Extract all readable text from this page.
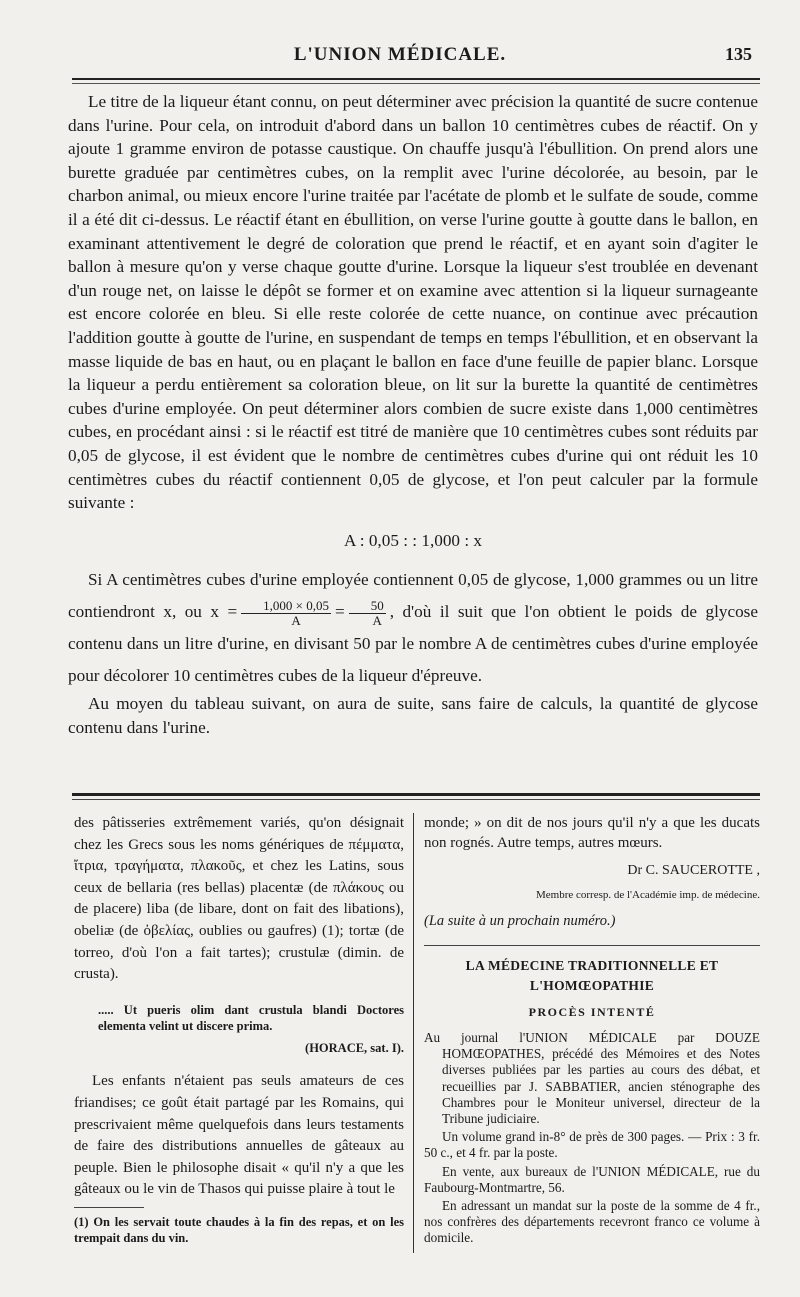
L'UNION MÉDICALE.	135

Le titre de la liqueur étant connu, on peut déterminer avec précision la quantité de sucre contenue dans l'urine. Pour cela, on introduit d'abord dans un ballon 10 centimètres cubes de réactif. On y ajoute 1 gramme environ de potasse caustique. On chauffe jusqu'à l'ébullition. On prend alors une burette graduée par centimètres cubes, on la remplit avec l'urine décolorée, au besoin, par le charbon animal, ou mieux encore l'urine traitée par l'acétate de plomb et le sulfate de soude, comme il a été dit ci-dessus. Le réactif étant en ébullition, on verse l'urine goutte à goutte dans le ballon, en examinant attentivement le degré de coloration que prend le réactif, et en ayant soin d'agiter le ballon à mesure qu'on y verse chaque goutte d'urine. Lorsque la liqueur s'est troublée en devenant d'un rouge net, on laisse le dépôt se former et on examine avec attention si la liqueur surnageante est encore colorée en bleu. Si elle reste colorée de cette nuance, on continue avec précaution l'addition goutte à goutte de l'urine, en suspendant de temps en temps l'ébullition, et en observant la masse liquide de bas en haut, ou en plaçant le ballon en face d'une feuille de papier blanc. Lorsque la liqueur a perdu entièrement sa coloration bleue, on lit sur la burette la quantité de centimètres cubes d'urine employée. On peut déterminer alors combien de sucre existe dans 1,000 centimètres cubes, en procédant ainsi : si le réactif est titré de manière que 10 centimètres cubes sont réduits par 0,05 de glycose, il est évident que le nombre de centimètres cubes d'urine qui ont réduit les 10 centimètres cubes du réactif contiennent 0,05 de glycose, et l'on peut calculer par la formule suivante :

A : 0,05 : : 1,000 : x

Si A centimètres cubes d'urine employée contiennent 0,05 de glycose, 1,000 grammes ou un litre contiendront x, ou $x = \frac{1,000 \times 0,05}{A} = \frac{50}{A}$ , d'où il suit que l'on obtient le poids de glycose contenu dans un litre d'urine, en divisant 50 par le nombre A de centimètres cubes d'urine employée pour décolorer 10 centimètres cubes de la liqueur d'épreuve.

Au moyen du tableau suivant, on aura de suite, sans faire de calculs, la quantité de glycose contenu dans l'urine.

des pâtisseries extrêmement variés, qu'on désignait chez les Grecs sous les noms génériques de πέμματα, ἴτρια, τραγήματα, πλακοῦς, et chez les Latins, sous ceux de bellaria (res bellas) placentæ (de πλάκους ou de placere) liba (de libare, dont on fait des libations), obeliæ (de ὀβελίας, oublies ou gaufres) (1); tortæ (de torreo, d'où l'on a fait tartes); crustulæ (dimin. de crusta).

..... Ut pueris olim dant crustula blandi Doctores elementa velint ut discere prima.
(HORACE, sat. I).

Les enfants n'étaient pas seuls amateurs de ces friandises; ce goût était partagé par les Romains, qui prescrivaient même quelquefois dans leurs testaments de faire des distributions annuelles de gâteaux au peuple. Bien le philosophe disait « qu'il n'y a que les gâteaux ou le vin de Thasos qui puisse plaire à tout le

(1) On les servait toute chaudes à la fin des repas, et on les trempait dans du vin.

monde; » on dit de nos jours qu'il n'y a que les ducats non rognés. Autre temps, autres mœurs.

Dr C. SAUCEROTTE ,
Membre corresp. de l'Académie imp. de médecine.
(La suite à un prochain numéro.)
LA MÉDECINE TRADITIONNELLE ET L'HOMŒOPATHIE
PROCÈS INTENTÉ

Au journal l'UNION MÉDICALE par DOUZE HOMŒOPATHES, précédé des Mémoires et des Notes diverses publiées par les parties au cours des débat, et recueillies par J. SABBATIER, ancien sténographe des Chambres pour le Moniteur universel, directeur de la Tribune judiciaire.

Un volume grand in-8° de près de 300 pages. — Prix : 3 fr. 50 c., et 4 fr. par la poste.

En vente, aux bureaux de l'UNION MÉDICALE, rue du Faubourg-Montmartre, 56.

En adressant un mandat sur la poste de la somme de 4 fr., nos confrères des départements recevront franco ce volume à domicile.
